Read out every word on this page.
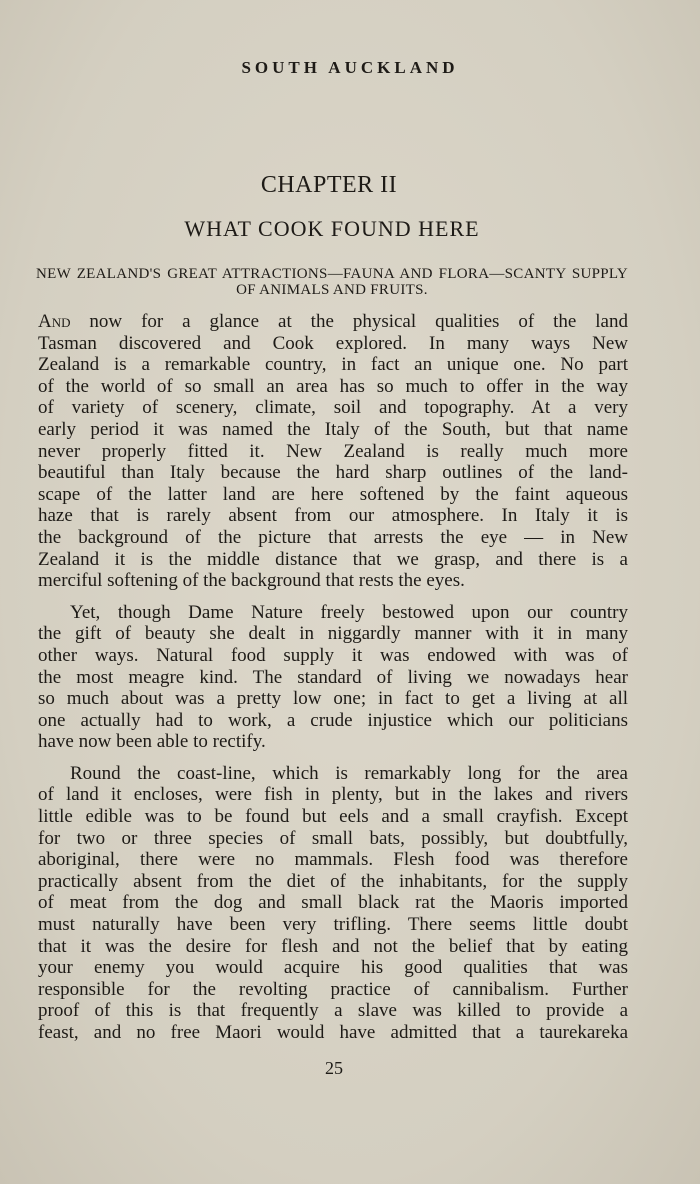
SOUTH AUCKLAND
CHAPTER II
WHAT COOK FOUND HERE
NEW ZEALAND'S GREAT ATTRACTIONS—FAUNA AND FLORA—SCANTY SUPPLY
OF ANIMALS AND FRUITS.
And now for a glance at the physical qualities of the land
Tasman discovered and Cook explored. In many ways New
Zealand is a remarkable country, in fact an unique one. No part
of the world of so small an area has so much to offer in the way
of variety of scenery, climate, soil and topography. At a very
early period it was named the Italy of the South, but that name
never properly fitted it. New Zealand is really much more
beautiful than Italy because the hard sharp outlines of the land-
scape of the latter land are here softened by the faint aqueous
haze that is rarely absent from our atmosphere. In Italy it is
the background of the picture that arrests the eye — in New
Zealand it is the middle distance that we grasp, and there is a
merciful softening of the background that rests the eyes.
Yet, though Dame Nature freely bestowed upon our country
the gift of beauty she dealt in niggardly manner with it in many
other ways. Natural food supply it was endowed with was of
the most meagre kind. The standard of living we nowadays hear
so much about was a pretty low one; in fact to get a living at all
one actually had to work, a crude injustice which our politicians
have now been able to rectify.
Round the coast-line, which is remarkably long for the area
of land it encloses, were fish in plenty, but in the lakes and rivers
little edible was to be found but eels and a small crayfish. Except
for two or three species of small bats, possibly, but doubtfully,
aboriginal, there were no mammals. Flesh food was therefore
practically absent from the diet of the inhabitants, for the supply
of meat from the dog and small black rat the Maoris imported
must naturally have been very trifling. There seems little doubt
that it was the desire for flesh and not the belief that by eating
your enemy you would acquire his good qualities that was
responsible for the revolting practice of cannibalism. Further
proof of this is that frequently a slave was killed to provide a
feast, and no free Maori would have admitted that a taurekareka
25
